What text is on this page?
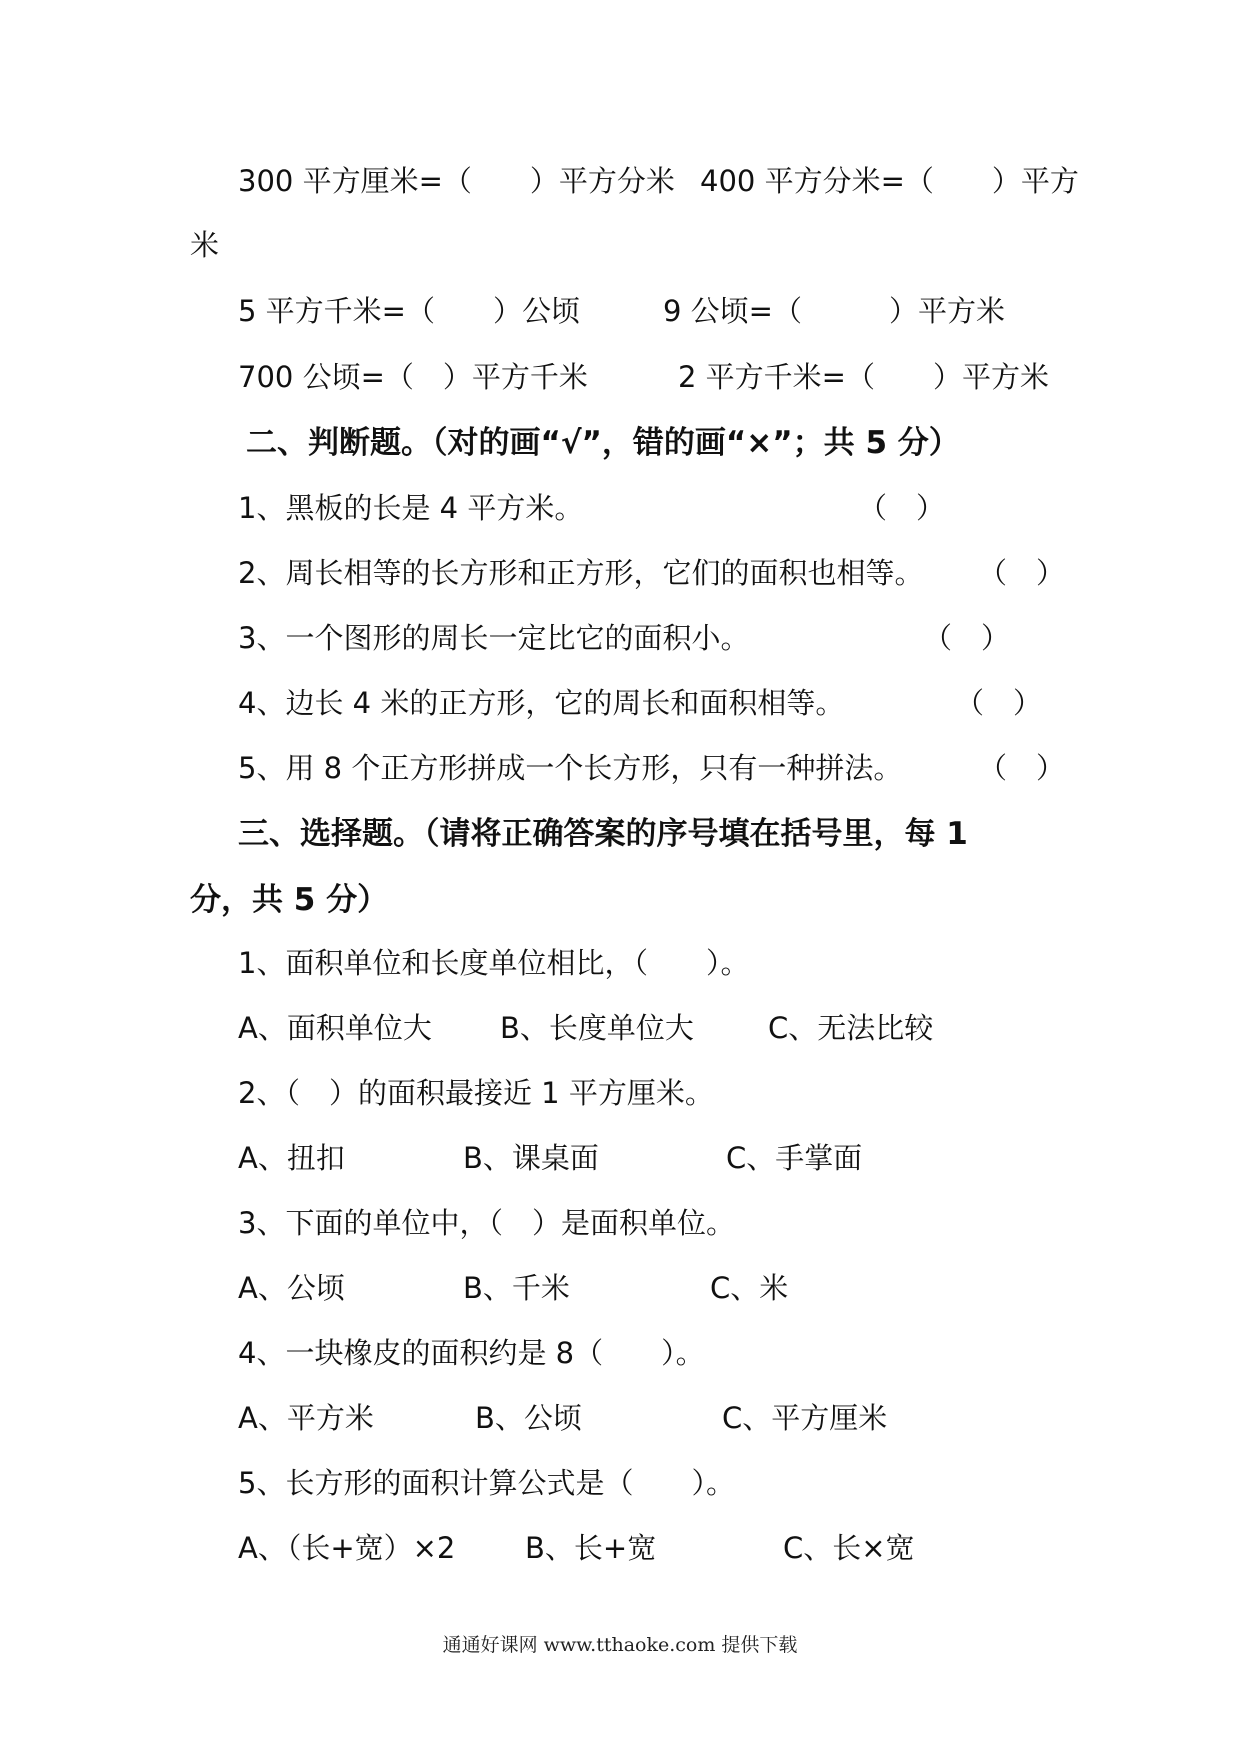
300 平方厘米=（　　）平方分米 400 平方分米=（　　）平方
米
5 平方千米=（　　）公顷	9 公顷=（　　　）平方米
700 公顷=（　）平方千米	2 平方千米=（　　）平方米
二、判断题。（对的画“√”，错的画“×”；共 5 分）
1、黑板的长是 4 平方米。	（　）
2、周长相等的长方形和正方形，它们的面积也相等。 （　）
3、一个图形的周长一定比它的面积小。	（　）
4、边长 4 米的正方形，它的周长和面积相等。	（　）
5、用 8 个正方形拼成一个长方形，只有一种拼法。	（　）
三、选择题。（请将正确答案的序号填在括号里，每 1
分，共 5 分）
1、面积单位和长度单位相比，（　　）。
A、面积单位大 B、长度单位大	C、无法比较
2、（　）的面积最接近 1 平方厘米。
A、扭扣	B、课桌面	C、手掌面
3、下面的单位中，（　）是面积单位。
A、公顷	B、千米	C、米
4、一块橡皮的面积约是 8（　　）。
A、平方米	B、公顷	C、平方厘米
5、长方形的面积计算公式是（　　）。
A、（长+宽）×2 B、长+宽	C、长×宽
通通好课网 www.tthaoke.com 提供下载
